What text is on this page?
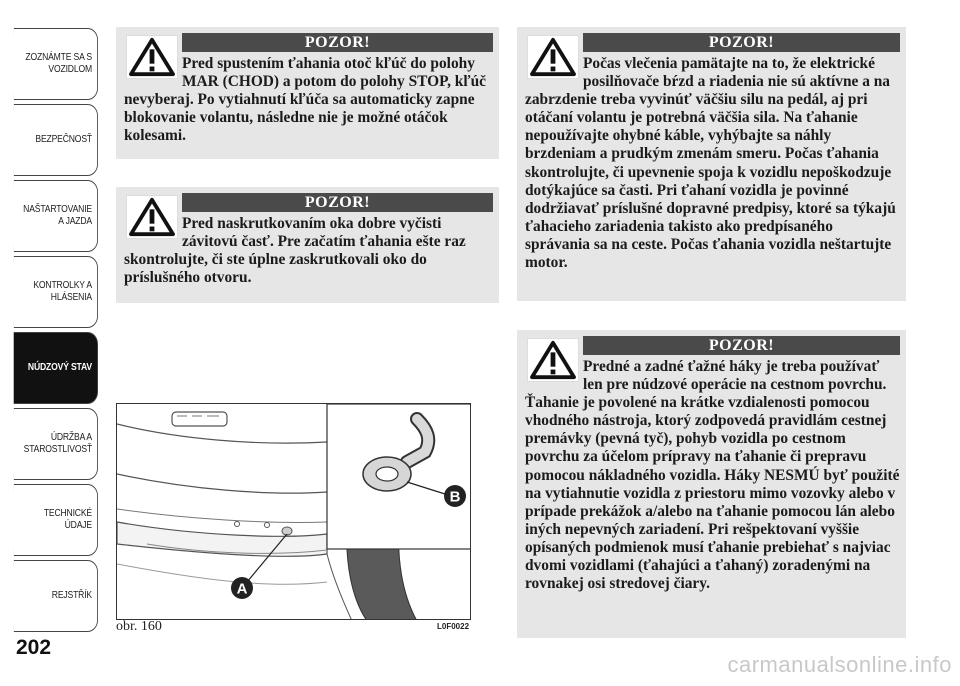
ZOZNÁMTE SA S
VOZIDLOM
BEZPEČNOSŤ
NAŠTARTOVANIE
A JAZDA
KONTROLKY A
HLÁSENIA
NÚDZOVÝ STAV
ÚDRŽBA A
STAROSTLIVOSŤ
TECHNICKÉ
ÚDAJE
REJSTŘÍK
202
POZOR!
Pred spustením ťahania otoč kľúč do polohy MAR (CHOD) a potom do polohy STOP, kľúč nevyberaj. Po vytiahnutí kľúča sa automaticky zapne blokovanie volantu, následne nie je možné otáčok kolesami.
POZOR!
Pred naskrutkovaním oka dobre vyčisti závitovú časť. Pre začatím ťahania ešte raz skontrolujte, či ste úplne zaskrutkovali oko do príslušného otvoru.
POZOR!
Počas vlečenia pamätajte na to, že elektrické posilňovače bŕzd a riadenia nie sú aktívne a na zabrzdenie treba vyvinúť väčšiu silu na pedál, aj pri otáčaní volantu je potrebná väčšia sila. Na ťahanie nepoužívajte ohybné káble, vyhýbajte sa náhly brzdeniam a prudkým zmenám smeru. Počas ťahania skontrolujte, či upevnenie spoja k vozidlu nepoškodzuje dotýkajúce sa časti. Pri ťahaní vozidla je povinné dodržiavať príslušné dopravné predpisy, ktoré sa týkajú ťahacieho zariadenia takisto ako predpísaného správania sa na ceste. Počas ťahania vozidla neštartujte motor.
POZOR!
Predné a zadné ťažné háky je treba používať len pre núdzové operácie na cestnom povrchu. Ťahanie je povolené na krátke vzdialenosti pomocou vhodného nástroja, ktorý zodpovedá pravidlám cestnej premávky (pevná tyč), pohyb vozidla po cestnom povrchu za účelom prípravy na ťahanie či prepravu pomocou nákladného vozidla. Háky NESMÚ byť použité na vytiahnutie vozidla z priestoru mimo vozovky alebo v prípade prekážok a/alebo na ťahanie pomocou lán alebo iných nepevných zariadení. Pri rešpektovaní vyššie opísaných podmienok musí ťahanie prebiehať s najviac dvomi vozidlami (ťahajúci a ťahaný) zoradenými na rovnakej osi stredovej čiary.
B
A
obr. 160	L0F0022
carmanualsonline.info
